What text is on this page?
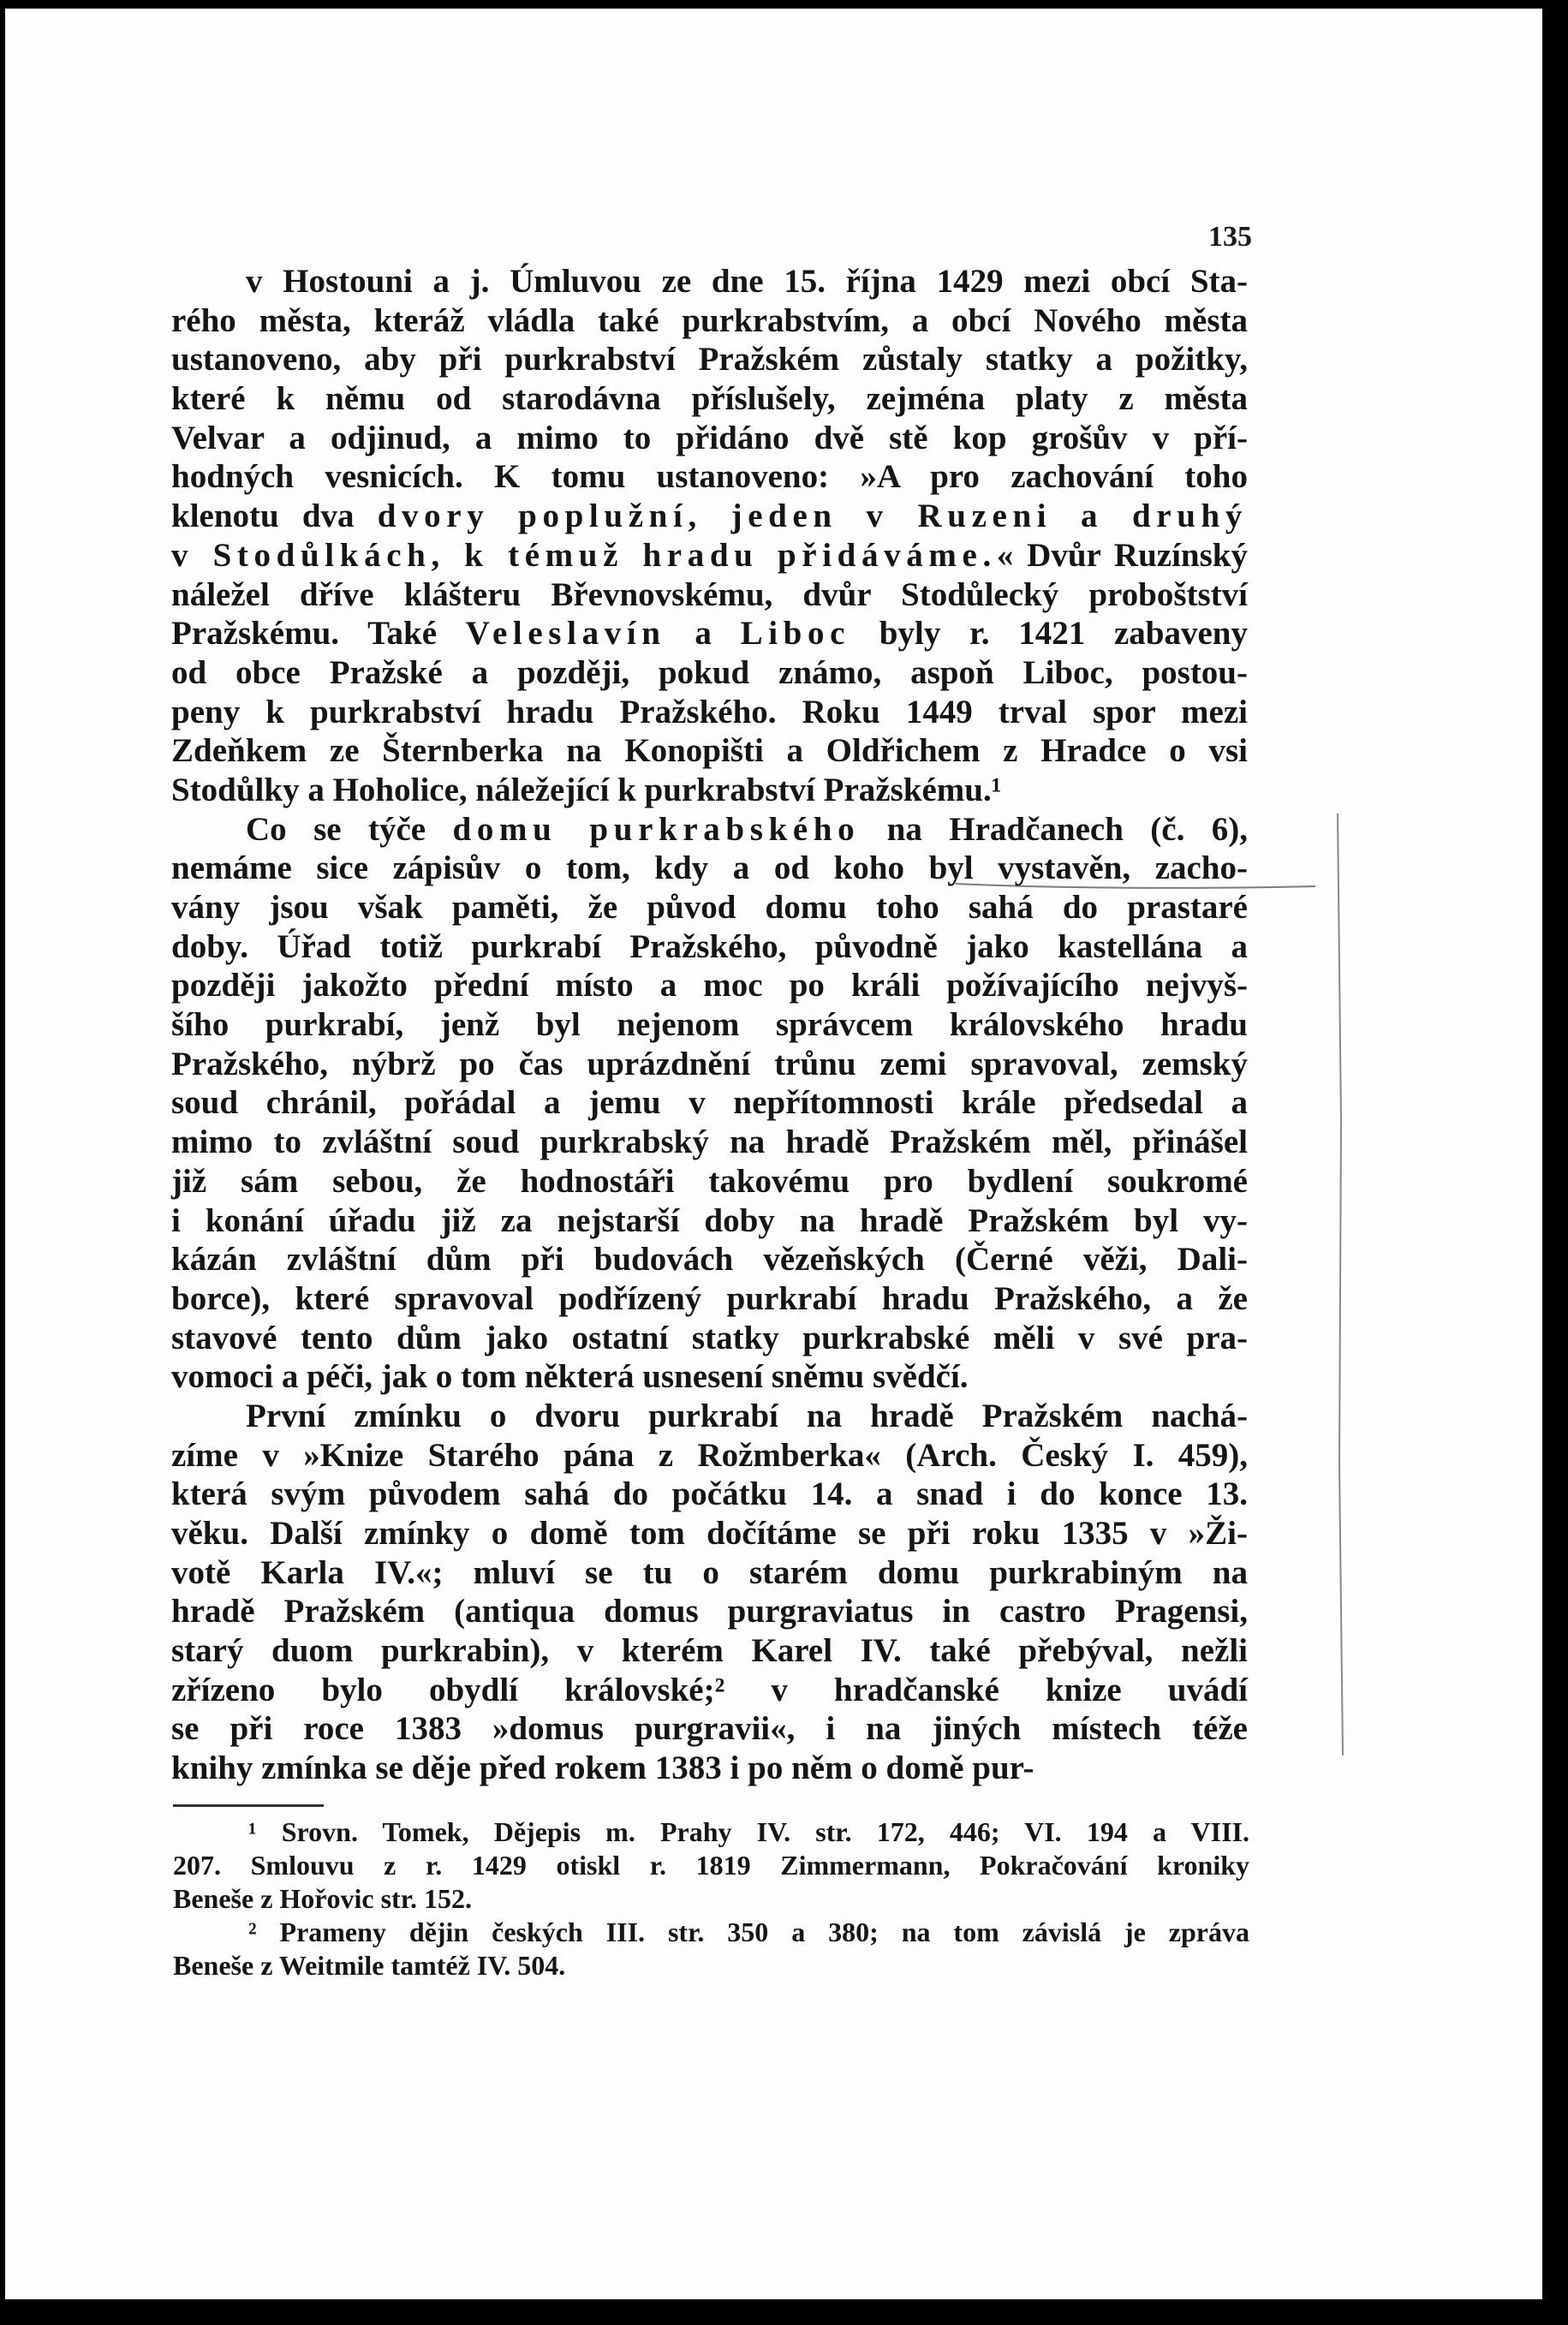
135
v Hostouni a j. Úmluvou ze dne 15. října 1429 mezi obcí Sta-
rého města, kteráž vládla také purkrabstvím, a obcí Nového města
ustanoveno, aby při purkrabství Pražském zůstaly statky a požitky,
které k němu od starodávna příslušely, zejména platy z města
Velvar a odjinud, a mimo to přidáno dvě stě kop grošův v pří-
hodných vesnicích. K tomu ustanoveno: »A pro zachování toho
klenotu dva dvory poplužní, jeden v Ruzeni a druhý
v Stodůlkách, k témuž hradu přidáváme.« Dvůr Ruzínský
náležel dříve klášteru Břevnovskému, dvůr Stodůlecký proboštství
Pražskému. Také Veleslavín a Liboc byly r. 1421 zabaveny
od obce Pražské a později, pokud známo, aspoň Liboc, postou-
peny k purkrabství hradu Pražského. Roku 1449 trval spor mezi
Zdeňkem ze Šternberka na Konopišti a Oldřichem z Hradce o vsi
Stodůlky a Hoholice, náležející k purkrabství Pražskému.¹
Co se týče domu purkrabského na Hradčanech (č. 6),
nemáme sice zápisův o tom, kdy a od koho byl vystavěn, zacho-
vány jsou však paměti, že původ domu toho sahá do prastaré
doby. Úřad totiž purkrabí Pražského, původně jako kastellána a
později jakožto přední místo a moc po králi požívajícího nejvyš-
šího purkrabí, jenž byl nejenom správcem královského hradu
Pražského, nýbrž po čas uprázdnění trůnu zemi spravoval, zemský
soud chránil, pořádal a jemu v nepřítomnosti krále předsedal a
mimo to zvláštní soud purkrabský na hradě Pražském měl, přinášel
již sám sebou, že hodnostáři takovému pro bydlení soukromé
i konání úřadu již za nejstarší doby na hradě Pražském byl vy-
kázán zvláštní dům při budovách vězeňských (Černé věži, Dali-
borce), které spravoval podřízený purkrabí hradu Pražského, a že
stavové tento dům jako ostatní statky purkrabské měli v své pra-
vomoci a péči, jak o tom některá usnesení sněmu svědčí.
První zmínku o dvoru purkrabí na hradě Pražském nachá-
zíme v »Knize Starého pána z Rožmberka« (Arch. Český I. 459),
která svým původem sahá do počátku 14. a snad i do konce 13.
věku. Další zmínky o domě tom dočítáme se při roku 1335 v »Ži-
votě Karla IV.«; mluví se tu o starém domu purkrabiným na
hradě Pražském (antiqua domus purgraviatus in castro Pragensi,
starý duom purkrabin), v kterém Karel IV. také přebýval, nežli
zřízeno bylo obydlí královské;² v hradčanské knize uvádí
se při roce 1383 »domus purgravii«, i na jiných místech téže
knihy zmínka se děje před rokem 1383 i po něm o domě pur-
¹ Srovn. Tomek, Dějepis m. Prahy IV. str. 172, 446; VI. 194 a VIII.
207. Smlouvu z r. 1429 otiskl r. 1819 Zimmermann, Pokračování kroniky
Beneše z Hořovic str. 152.
² Prameny dějin českých III. str. 350 a 380; na tom závislá je zpráva
Beneše z Weitmile tamtéž IV. 504.
